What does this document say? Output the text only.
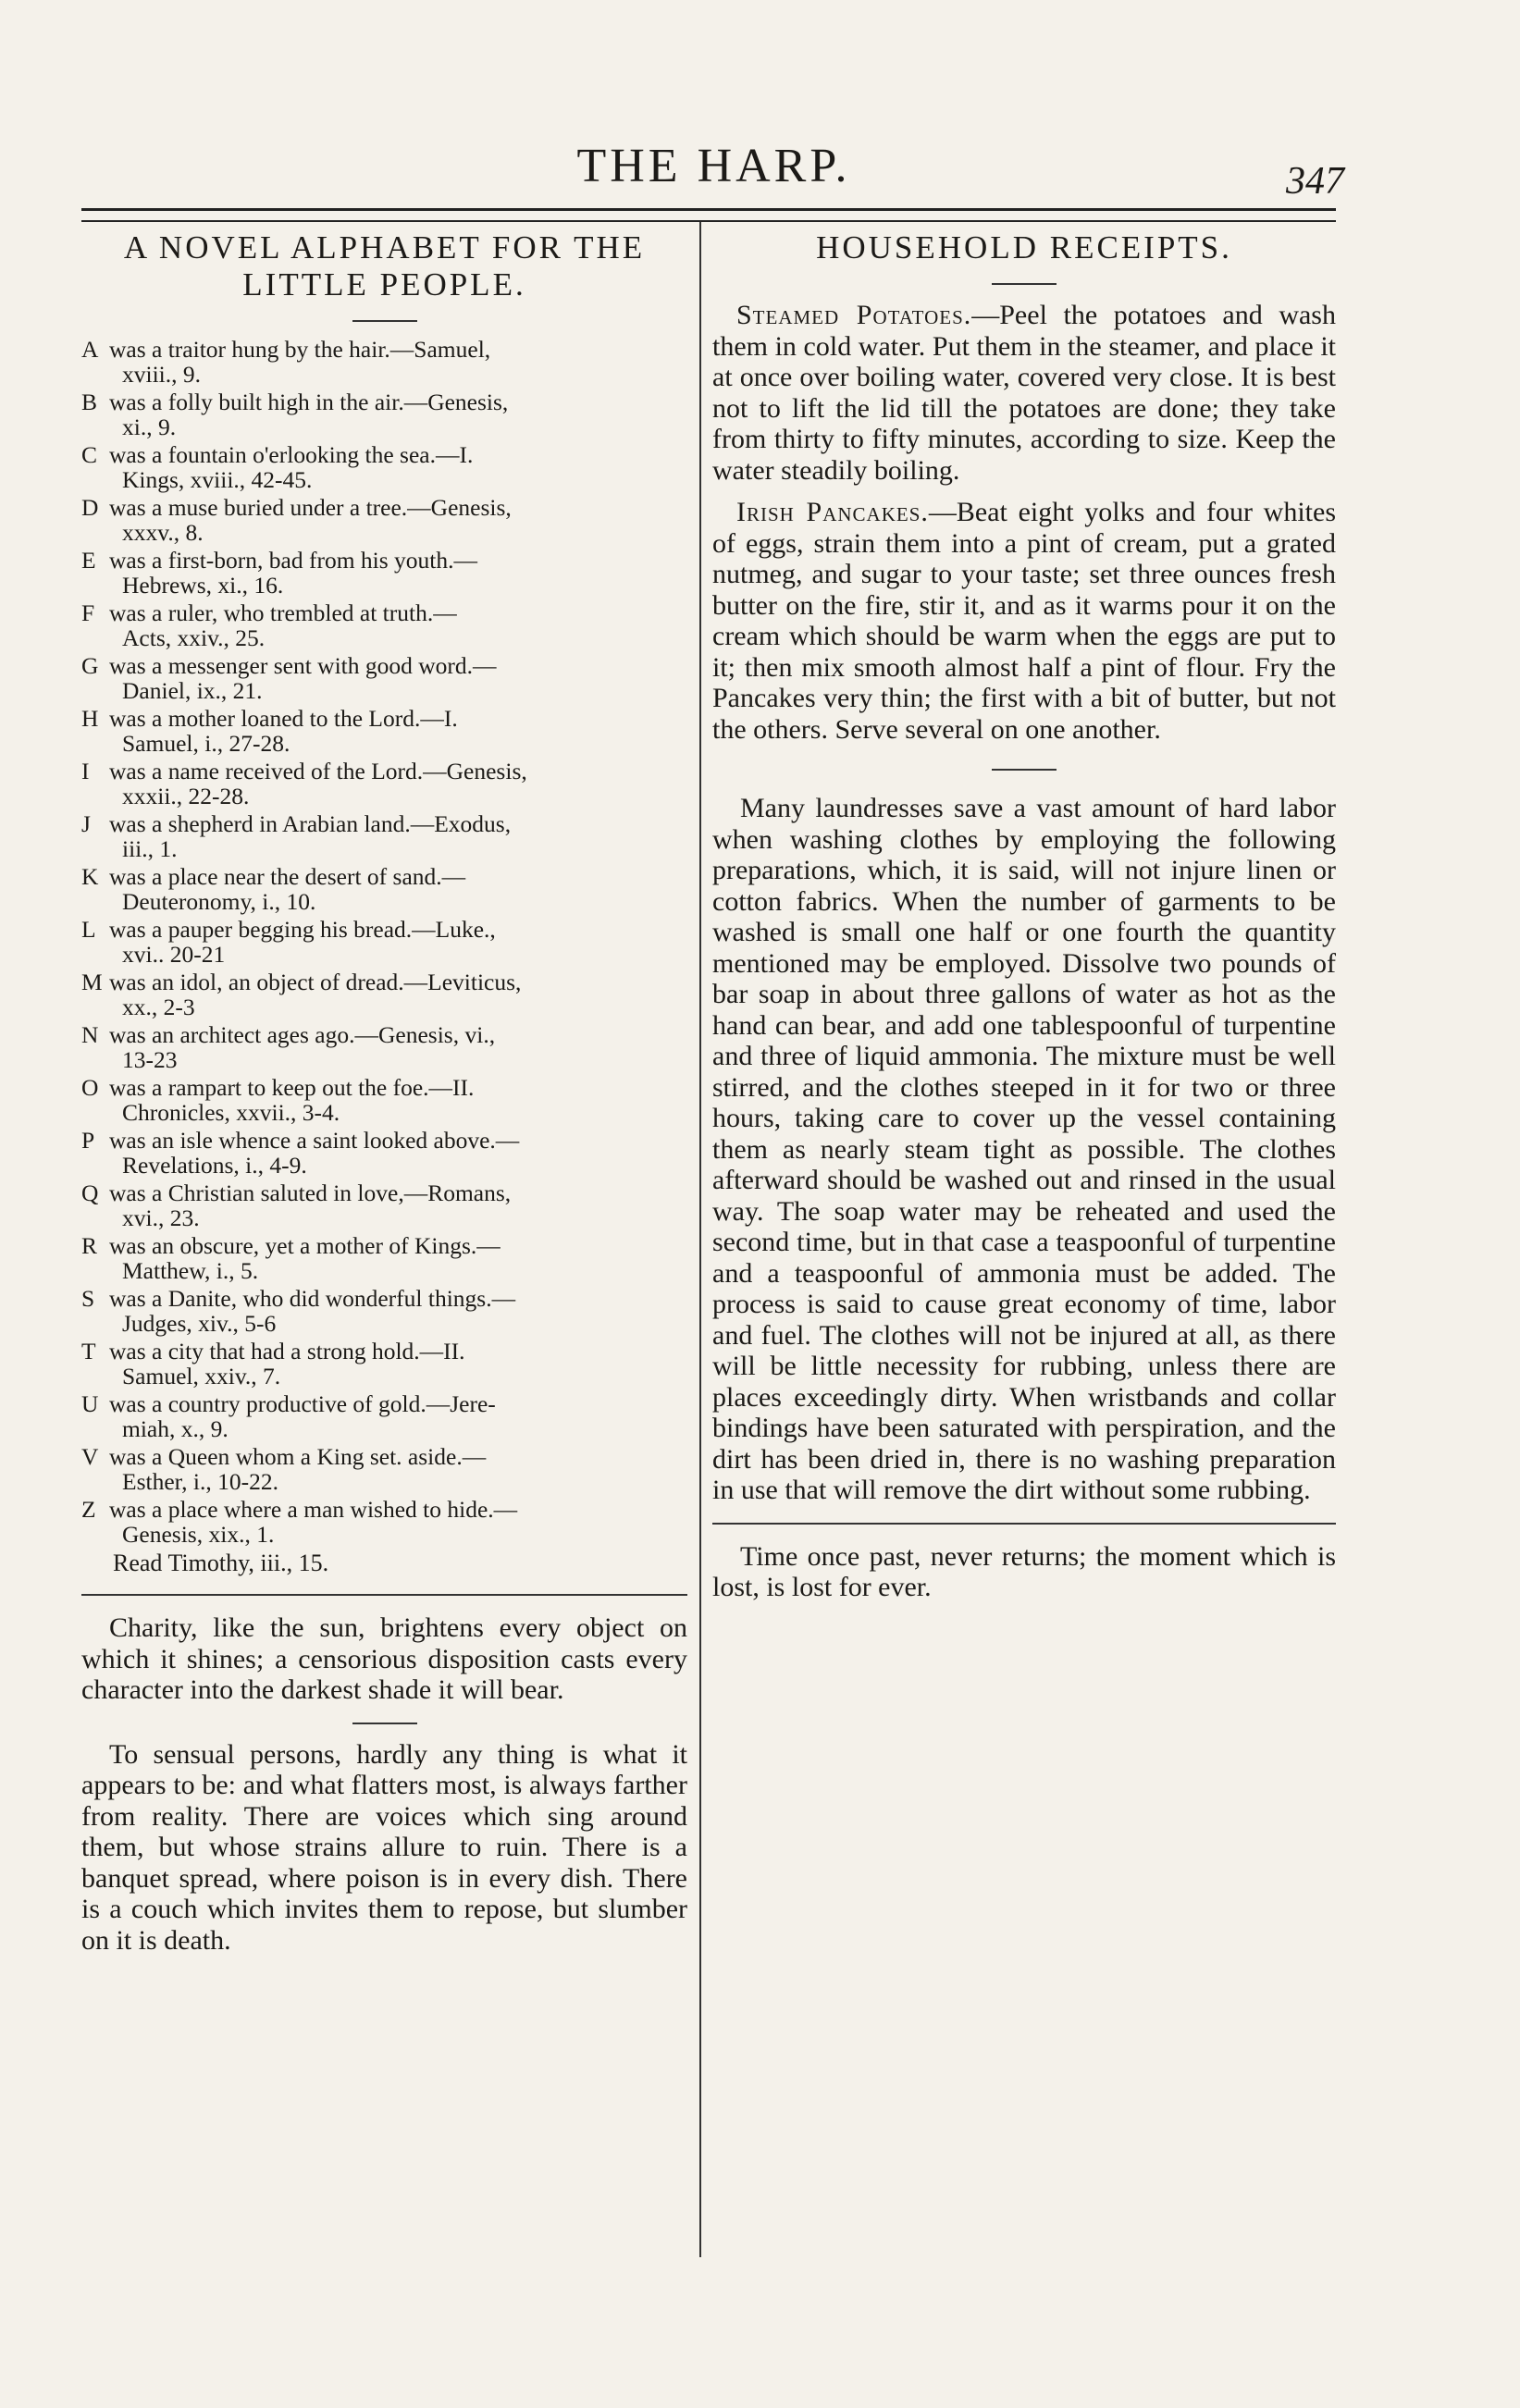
THE HARP.	347
A NOVEL ALPHABET FOR THE
LITTLE PEOPLE.
A was a traitor hung by the hair.—Samuel,
xviii., 9.
B was a folly built high in the air.—Genesis,
xi., 9.
C was a fountain o'erlooking the sea.—I.
Kings, xviii., 42-45.
D was a muse buried under a tree.—Genesis,
xxxv., 8.
E was a first-born, bad from his youth.—
Hebrews, xi., 16.
F was a ruler, who trembled at truth.—
Acts, xxiv., 25.
G was a messenger sent with good word.—
Daniel, ix., 21.
H was a mother loaned to the Lord.—I.
Samuel, i., 27-28.
I was a name received of the Lord.—Genesis,
xxxii., 22-28.
J was a shepherd in Arabian land.—Exodus,
iii., 1.
K was a place near the desert of sand.—
Deuteronomy, i., 10.
L was a pauper begging his bread.—Luke.,
xvi.. 20-21
M was an idol, an object of dread.—Leviticus,
xx., 2-3
N was an architect ages ago.—Genesis, vi.,
13-23
O was a rampart to keep out the foe.—II.
Chronicles, xxvii., 3-4.
P was an isle whence a saint looked above.—
Revelations, i., 4-9.
Q was a Christian saluted in love,—Romans,
xvi., 23.
R was an obscure, yet a mother of Kings.—
Matthew, i., 5.
S was a Danite, who did wonderful things.—
Judges, xiv., 5-6
T was a city that had a strong hold.—II.
Samuel, xxiv., 7.
U was a country productive of gold.—Jere-
miah, x., 9.
V was a Queen whom a King set. aside.—
Esther, i., 10-22.
Z was a place where a man wished to hide.—
Genesis, xix., 1.
Read Timothy, iii., 15.

Charity, like the sun, brightens every object on which it shines; a censorious disposition casts every character into the darkest shade it will bear.

To sensual persons, hardly any thing is what it appears to be: and what flatters most, is always farther from reality. There are voices which sing around them, but whose strains allure to ruin. There is a banquet spread, where poison is in every dish. There is a couch which invites them to repose, but slumber on it is death.

HOUSEHOLD RECEIPTS.

Steamed Potatoes.—Peel the potatoes and wash them in cold water. Put them in the steamer, and place it at once over boiling water, covered very close. It is best not to lift the lid till the potatoes are done; they take from thirty to fifty minutes, according to size. Keep the water steadily boiling.

Irish Pancakes.—Beat eight yolks and four whites of eggs, strain them into a pint of cream, put a grated nutmeg, and sugar to your taste; set three ounces fresh butter on the fire, stir it, and as it warms pour it on the cream which should be warm when the eggs are put to it; then mix smooth almost half a pint of flour. Fry the Pancakes very thin; the first with a bit of butter, but not the others. Serve several on one another.

Many laundresses save a vast amount of hard labor when washing clothes by employing the following preparations, which, it is said, will not injure linen or cotton fabrics. When the number of garments to be washed is small one half or one fourth the quantity mentioned may be employed. Dissolve two pounds of bar soap in about three gallons of water as hot as the hand can bear, and add one tablespoonful of turpentine and three of liquid ammonia. The mixture must be well stirred, and the clothes steeped in it for two or three hours, taking care to cover up the vessel containing them as nearly steam tight as possible. The clothes afterward should be washed out and rinsed in the usual way. The soap water may be reheated and used the second time, but in that case a teaspoonful of turpentine and a teaspoonful of ammonia must be added. The process is said to cause great economy of time, labor and fuel. The clothes will not be injured at all, as there will be little necessity for rubbing, unless there are places exceedingly dirty. When wristbands and collar bindings have been saturated with perspiration, and the dirt has been dried in, there is no washing preparation in use that will remove the dirt without some rubbing.

Time once past, never returns; the moment which is lost, is lost for ever.
